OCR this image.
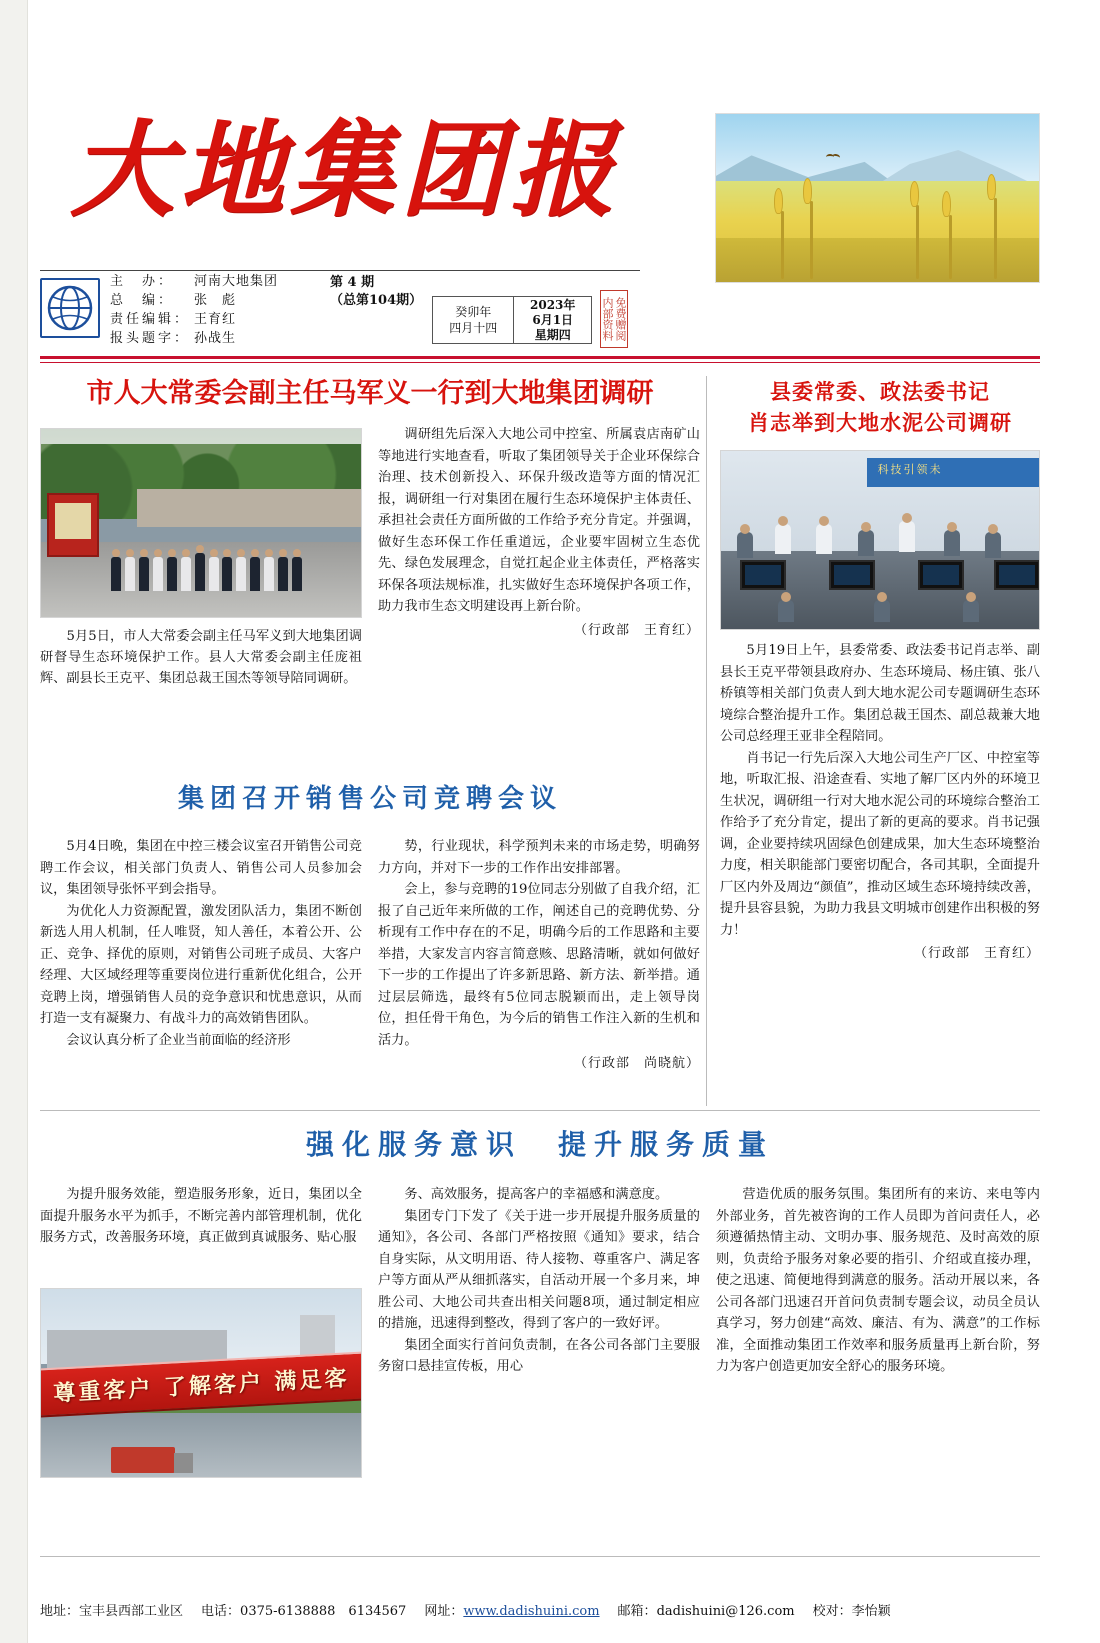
大地集团报
主　办：	河南大地集团
总　编：	张　彪
责任编辑： 王育红
报头题字： 孙战生
第 4 期
（总第104期）
癸卯年
四月十四
2023年
6月1日
星期四	免费赠阅内部资料
市人大常委会副主任马军义一行到大地集团调研
　　5月5日，市人大常委会副主任马军义到大地集团调研督导生态环境保护工作。县人大常委会副主任庞祖辉、副县长王克平、集团总裁王国杰等领导陪同调研。

调研组先后深入大地公司中控室、所属袁店南矿山等地进行实地查看，听取了集团领导关于企业环保综合治理、技术创新投入、环保升级改造等方面的情况汇报，调研组一行对集团在履行生态环境保护主体责任、承担社会责任方面所做的工作给予充分肯定。并强调，做好生态环保工作任重道远，企业要牢固树立生态优先、绿色发展理念，自觉扛起企业主体责任，严格落实环保各项法规标准，扎实做好生态环境保护各项工作，助力我市生态文明建设再上新台阶。

（行政部　王育红）
县委常委、政法委书记
肖志举到大地水泥公司调研
科技引领未

5月19日上午，县委常委、政法委书记肖志举、副县长王克平带领县政府办、生态环境局、杨庄镇、张八桥镇等相关部门负责人到大地水泥公司专题调研生态环境综合整治提升工作。集团总裁王国杰、副总裁兼大地公司总经理王亚非全程陪同。

肖书记一行先后深入大地公司生产厂区、中控室等地，听取汇报、沿途查看、实地了解厂区内外的环境卫生状况，调研组一行对大地水泥公司的环境综合整治工作给予了充分肯定，提出了新的更高的要求。肖书记强调，企业要持续巩固绿色创建成果，加大生态环境整治力度，相关职能部门要密切配合，各司其职，全面提升厂区内外及周边“颜值”，推动区域生态环境持续改善，提升县容县貌，为助力我县文明城市创建作出积极的努力！

（行政部　王育红）
集团召开销售公司竞聘会议

5月4日晚，集团在中控三楼会议室召开销售公司竞聘工作会议，相关部门负责人、销售公司人员参加会议，集团领导张怀平到会指导。

为优化人力资源配置，激发团队活力，集团不断创新选人用人机制，任人唯贤，知人善任，本着公开、公正、竞争、择优的原则，对销售公司班子成员、大客户经理、大区域经理等重要岗位进行重新优化组合，公开竞聘上岗，增强销售人员的竞争意识和忧患意识，从而打造一支有凝聚力、有战斗力的高效销售团队。

会议认真分析了企业当前面临的经济形

势，行业现状，科学预判未来的市场走势，明确努力方向，并对下一步的工作作出安排部署。

会上，参与竞聘的19位同志分别做了自我介绍，汇报了自己近年来所做的工作，阐述自己的竞聘优势、分析现有工作中存在的不足，明确今后的工作思路和主要举措，大家发言内容言简意赅、思路清晰，就如何做好下一步的工作提出了许多新思路、新方法、新举措。通过层层筛选，最终有5位同志脱颖而出，走上领导岗位，担任骨干角色，为今后的销售工作注入新的生机和活力。

（行政部　尚晓航）
强化服务意识　提升服务质量

为提升服务效能，塑造服务形象，近日，集团以全面提升服务水平为抓手，不断完善内部管理机制，优化服务方式，改善服务环境，真正做到真诚服务、贴心服

尊重客户 了解客户 满足客

务、高效服务，提高客户的幸福感和满意度。

集团专门下发了《关于进一步开展提升服务质量的通知》，各公司、各部门严格按照《通知》要求，结合自身实际，从文明用语、待人接物、尊重客户、满足客户等方面从严从细抓落实，自活动开展一个多月来，坤胜公司、大地公司共查出相关问题8项，通过制定相应的措施，迅速得到整改，得到了客户的一致好评。

集团全面实行首问负责制，在各公司各部门主要服务窗口悬挂宣传板，用心

营造优质的服务氛围。集团所有的来访、来电等内外部业务，首先被咨询的工作人员即为首问责任人，必须遵循热情主动、文明办事、服务规范、及时高效的原则，负责给予服务对象必要的指引、介绍或直接办理，使之迅速、简便地得到满意的服务。活动开展以来，各公司各部门迅速召开首问负责制专题会议，动员全员认真学习，努力创建“高效、廉洁、有为、满意”的工作标准，全面推动集团工作效率和服务质量再上新台阶，努力为客户创造更加安全舒心的服务环境。

地址：宝丰县西部工业区 电话：0375-6138888　6134567 网址：www.dadishuini.com 邮箱：dadishuini@126.com 校对：李怡颖
